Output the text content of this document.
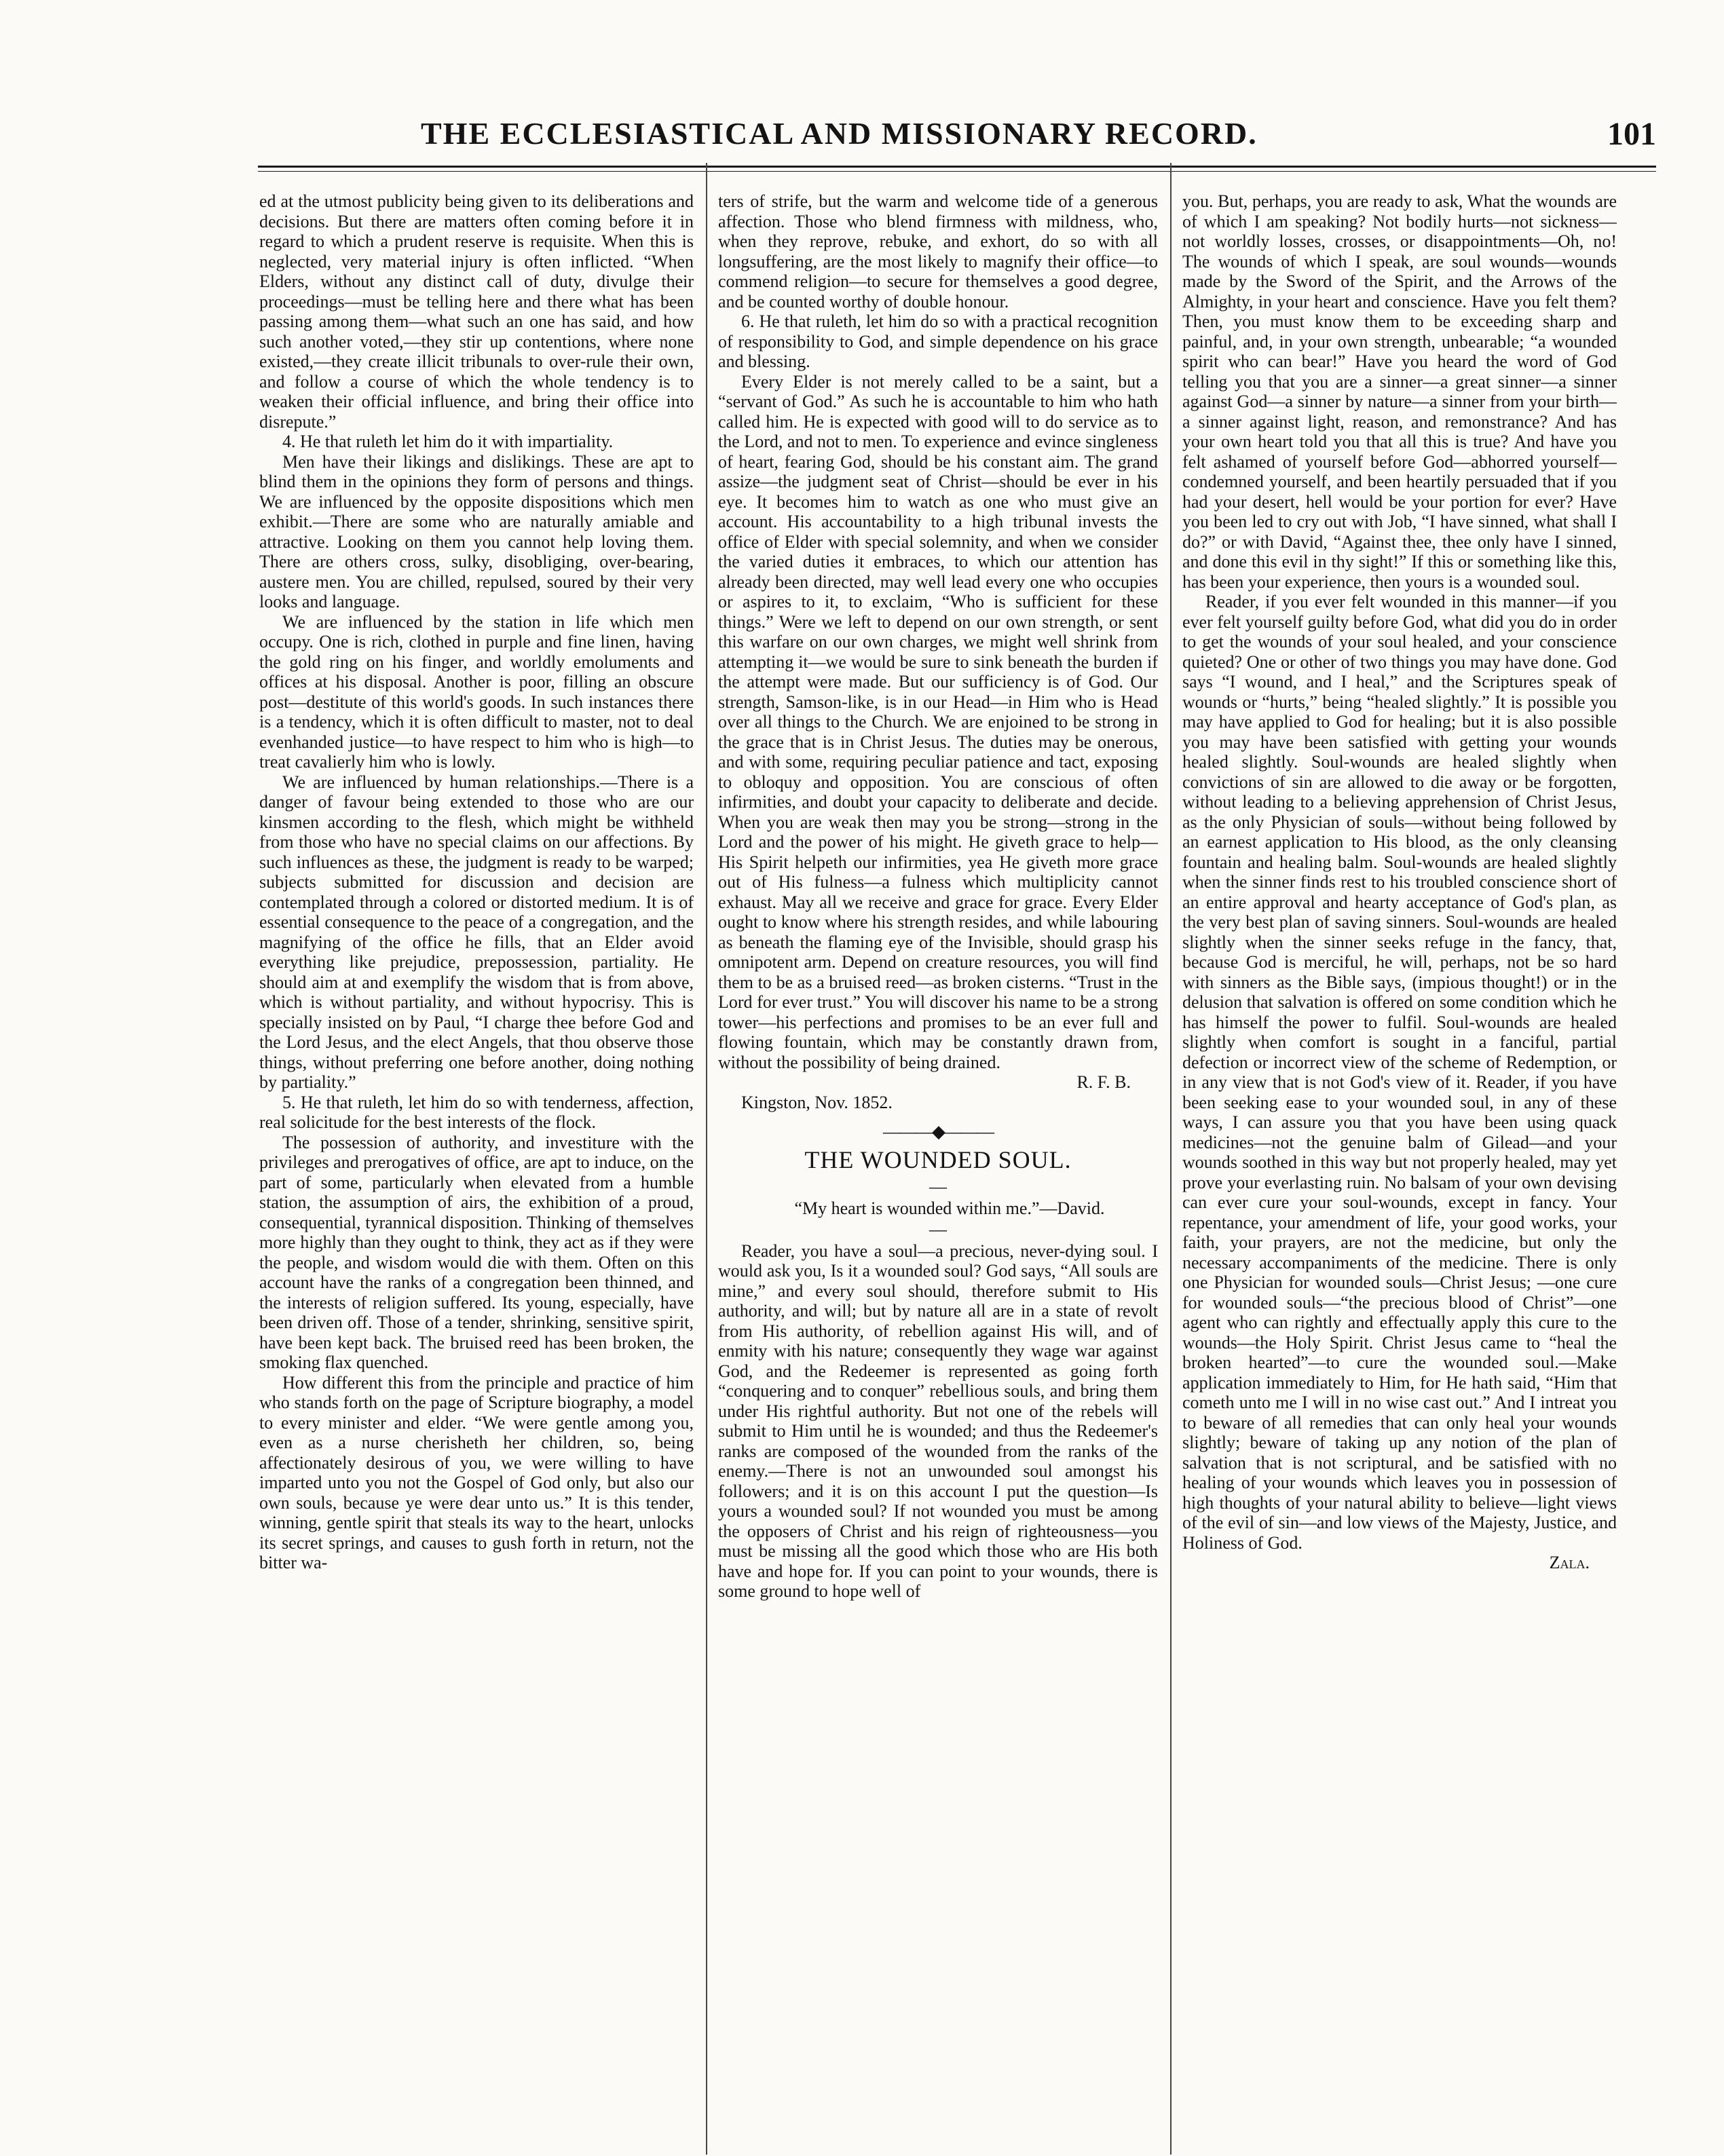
THE ECCLESIASTICAL AND MISSIONARY RECORD.	101

ed at the utmost publicity being given to its deliberations and decisions. But there are matters often coming before it in regard to which a prudent reserve is requisite. When this is neglected, very material injury is often inflicted. “When Elders, without any distinct call of duty, divulge their proceedings—must be telling here and there what has been passing among them—what such an one has said, and how such another voted,—they stir up contentions, where none existed,—they create illicit tribunals to over-rule their own, and follow a course of which the whole tendency is to weaken their official influence, and bring their office into disrepute.”

4. He that ruleth let him do it with impartiality.

Men have their likings and dislikings. These are apt to blind them in the opinions they form of persons and things. We are influenced by the opposite dispositions which men exhibit.—There are some who are naturally amiable and attractive. Looking on them you cannot help loving them. There are others cross, sulky, disobliging, over-bearing, austere men. You are chilled, repulsed, soured by their very looks and language.

We are influenced by the station in life which men occupy. One is rich, clothed in purple and fine linen, having the gold ring on his finger, and worldly emoluments and offices at his disposal. Another is poor, filling an obscure post—destitute of this world's goods. In such instances there is a tendency, which it is often difficult to master, not to deal evenhanded justice—to have respect to him who is high—to treat cavalierly him who is lowly.

We are influenced by human relationships.—There is a danger of favour being extended to those who are our kinsmen according to the flesh, which might be withheld from those who have no special claims on our affections. By such influences as these, the judgment is ready to be warped; subjects submitted for discussion and decision are contemplated through a colored or distorted medium. It is of essential consequence to the peace of a congregation, and the magnifying of the office he fills, that an Elder avoid everything like prejudice, prepossession, partiality. He should aim at and exemplify the wisdom that is from above, which is without partiality, and without hypocrisy. This is specially insisted on by Paul, “I charge thee before God and the Lord Jesus, and the elect Angels, that thou observe those things, without preferring one before another, doing nothing by partiality.”

5. He that ruleth, let him do so with tenderness, affection, real solicitude for the best interests of the flock.

The possession of authority, and investiture with the privileges and prerogatives of office, are apt to induce, on the part of some, particularly when elevated from a humble station, the assumption of airs, the exhibition of a proud, consequential, tyrannical disposition. Thinking of themselves more highly than they ought to think, they act as if they were the people, and wisdom would die with them. Often on this account have the ranks of a congregation been thinned, and the interests of religion suffered. Its young, especially, have been driven off. Those of a tender, shrinking, sensitive spirit, have been kept back. The bruised reed has been broken, the smoking flax quenched.

How different this from the principle and practice of him who stands forth on the page of Scripture biography, a model to every minister and elder. “We were gentle among you, even as a nurse cherisheth her children, so, being affectionately desirous of you, we were willing to have imparted unto you not the Gospel of God only, but also our own souls, because ye were dear unto us.” It is this tender, winning, gentle spirit that steals its way to the heart, unlocks its secret springs, and causes to gush forth in return, not the bitter wa-

ters of strife, but the warm and welcome tide of a generous affection. Those who blend firmness with mildness, who, when they reprove, rebuke, and exhort, do so with all longsuffering, are the most likely to magnify their office—to commend religion—to secure for themselves a good degree, and be counted worthy of double honour.

6. He that ruleth, let him do so with a practical recognition of responsibility to God, and simple dependence on his grace and blessing.

Every Elder is not merely called to be a saint, but a “servant of God.” As such he is accountable to him who hath called him. He is expected with good will to do service as to the Lord, and not to men. To experience and evince singleness of heart, fearing God, should be his constant aim. The grand assize—the judgment seat of Christ—should be ever in his eye. It becomes him to watch as one who must give an account. His accountability to a high tribunal invests the office of Elder with special solemnity, and when we consider the varied duties it embraces, to which our attention has already been directed, may well lead every one who occupies or aspires to it, to exclaim, “Who is sufficient for these things.” Were we left to depend on our own strength, or sent this warfare on our own charges, we might well shrink from attempting it—we would be sure to sink beneath the burden if the attempt were made. But our sufficiency is of God. Our strength, Samson-like, is in our Head—in Him who is Head over all things to the Church. We are enjoined to be strong in the grace that is in Christ Jesus. The duties may be onerous, and with some, requiring peculiar patience and tact, exposing to obloquy and opposition. You are conscious of often infirmities, and doubt your capacity to deliberate and decide. When you are weak then may you be strong—strong in the Lord and the power of his might. He giveth grace to help—His Spirit helpeth our infirmities, yea He giveth more grace out of His fulness—a fulness which multiplicity cannot exhaust. May all we receive and grace for grace. Every Elder ought to know where his strength resides, and while labouring as beneath the flaming eye of the Invisible, should grasp his omnipotent arm. Depend on creature resources, you will find them to be as a bruised reed—as broken cisterns. “Trust in the Lord for ever trust.” You will discover his name to be a strong tower—his perfections and promises to be an ever full and flowing fountain, which may be constantly drawn from, without the possibility of being drained.

R. F. B.

Kingston, Nov. 1852.

———◆———
THE WOUNDED SOUL.
—

“My heart is wounded within me.”—David.

—

Reader, you have a soul—a precious, never-dying soul. I would ask you, Is it a wounded soul? God says, “All souls are mine,” and every soul should, therefore submit to His authority, and will; but by nature all are in a state of revolt from His authority, of rebellion against His will, and of enmity with his nature; consequently they wage war against God, and the Redeemer is represented as going forth “conquering and to conquer” rebellious souls, and bring them under His rightful authority. But not one of the rebels will submit to Him until he is wounded; and thus the Redeemer's ranks are composed of the wounded from the ranks of the enemy.—There is not an unwounded soul amongst his followers; and it is on this account I put the question—Is yours a wounded soul? If not wounded you must be among the opposers of Christ and his reign of righteousness—you must be missing all the good which those who are His both have and hope for. If you can point to your wounds, there is some ground to hope well of

you. But, perhaps, you are ready to ask, What the wounds are of which I am speaking? Not bodily hurts—not sickness—not worldly losses, crosses, or disappointments—Oh, no! The wounds of which I speak, are soul wounds—wounds made by the Sword of the Spirit, and the Arrows of the Almighty, in your heart and conscience. Have you felt them? Then, you must know them to be exceeding sharp and painful, and, in your own strength, unbearable; “a wounded spirit who can bear!” Have you heard the word of God telling you that you are a sinner—a great sinner—a sinner against God—a sinner by nature—a sinner from your birth—a sinner against light, reason, and remonstrance? And has your own heart told you that all this is true? And have you felt ashamed of yourself before God—abhorred yourself—condemned yourself, and been heartily persuaded that if you had your desert, hell would be your portion for ever? Have you been led to cry out with Job, “I have sinned, what shall I do?” or with David, “Against thee, thee only have I sinned, and done this evil in thy sight!” If this or something like this, has been your experience, then yours is a wounded soul.

Reader, if you ever felt wounded in this manner—if you ever felt yourself guilty before God, what did you do in order to get the wounds of your soul healed, and your conscience quieted? One or other of two things you may have done. God says “I wound, and I heal,” and the Scriptures speak of wounds or “hurts,” being “healed slightly.” It is possible you may have applied to God for healing; but it is also possible you may have been satisfied with getting your wounds healed slightly. Soul-wounds are healed slightly when convictions of sin are allowed to die away or be forgotten, without leading to a believing apprehension of Christ Jesus, as the only Physician of souls—without being followed by an earnest application to His blood, as the only cleansing fountain and healing balm. Soul-wounds are healed slightly when the sinner finds rest to his troubled conscience short of an entire approval and hearty acceptance of God's plan, as the very best plan of saving sinners. Soul-wounds are healed slightly when the sinner seeks refuge in the fancy, that, because God is merciful, he will, perhaps, not be so hard with sinners as the Bible says, (impious thought!) or in the delusion that salvation is offered on some condition which he has himself the power to fulfil. Soul-wounds are healed slightly when comfort is sought in a fanciful, partial defection or incorrect view of the scheme of Redemption, or in any view that is not God's view of it. Reader, if you have been seeking ease to your wounded soul, in any of these ways, I can assure you that you have been using quack medicines—not the genuine balm of Gilead—and your wounds soothed in this way but not properly healed, may yet prove your everlasting ruin. No balsam of your own devising can ever cure your soul-wounds, except in fancy. Your repentance, your amendment of life, your good works, your faith, your prayers, are not the medicine, but only the necessary accompaniments of the medicine. There is only one Physician for wounded souls—Christ Jesus; —one cure for wounded souls—“the precious blood of Christ”—one agent who can rightly and effectually apply this cure to the wounds—the Holy Spirit. Christ Jesus came to “heal the broken hearted”—to cure the wounded soul.—Make application immediately to Him, for He hath said, “Him that cometh unto me I will in no wise cast out.” And I intreat you to beware of all remedies that can only heal your wounds slightly; beware of taking up any notion of the plan of salvation that is not scriptural, and be satisfied with no healing of your wounds which leaves you in possession of high thoughts of your natural ability to believe—light views of the evil of sin—and low views of the Majesty, Justice, and Holiness of God.

Zala.
